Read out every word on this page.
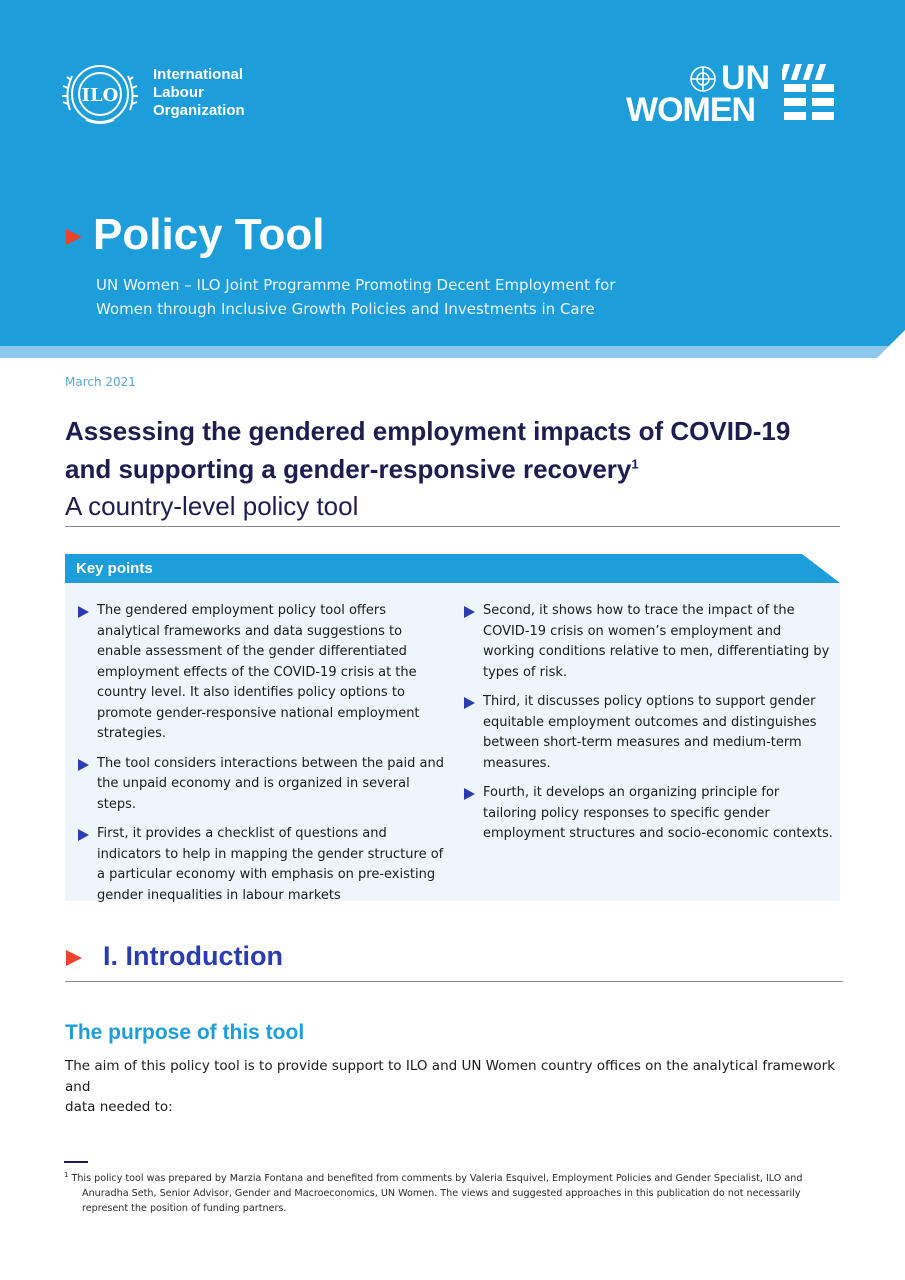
ILO
International
Labour
Organization
UN
WOMEN
Policy Tool
UN Women – ILO Joint Programme Promoting Decent Employment for
Women through Inclusive Growth Policies and Investments in Care
March 2021
Assessing the gendered employment impacts of COVID-19
and supporting a gender-responsive recovery$^1$
A country-level policy tool
Key points
The gendered employment policy tool offers analytical frameworks and data suggestions to enable assessment of the gender differentiated employment effects of the COVID-19 crisis at the country level. It also identifies policy options to promote gender-responsive national employment strategies.
The tool considers interactions between the paid and the unpaid economy and is organized in several steps.
First, it provides a checklist of questions and indicators to help in mapping the gender structure of a particular economy with emphasis on pre-existing gender inequalities in labour markets
Second, it shows how to trace the impact of the COVID-19 crisis on women’s employment and working conditions relative to men, differentiating by types of risk.
Third, it discusses policy options to support gender equitable employment outcomes and distinguishes between short-term measures and medium-term measures.
Fourth, it develops an organizing principle for tailoring policy responses to specific gender employment structures and socio-economic contexts.
I. Introduction
The purpose of this tool
The aim of this policy tool is to provide support to ILO and UN Women country offices on the analytical framework and
data needed to:
$^1$ This policy tool was prepared by Marzia Fontana and benefited from comments by Valeria Esquivel, Employment Policies and Gender Specialist, ILO and
Anuradha Seth, Senior Advisor, Gender and Macroeconomics, UN Women. The views and suggested approaches in this publication do not necessarily
represent the position of funding partners.
